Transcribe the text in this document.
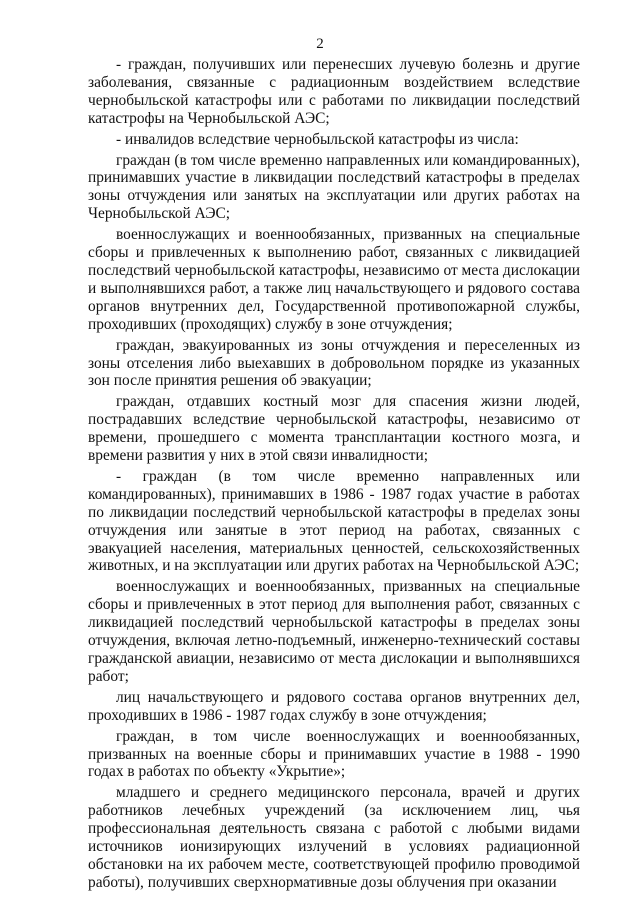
2

- граждан, получивших или перенесших лучевую болезнь и другие заболевания, связанные с радиационным воздействием вследствие чернобыльской катастрофы или с работами по ликвидации последствий катастрофы на Чернобыльской АЭС;

- инвалидов вследствие чернобыльской катастрофы из числа:

граждан (в том числе временно направленных или командированных), принимавших участие в ликвидации последствий катастрофы в пределах зоны отчуждения или занятых на эксплуатации или других работах на Чернобыльской АЭС;

военнослужащих и военнообязанных, призванных на специальные сборы и привлеченных к выполнению работ, связанных с ликвидацией последствий чернобыльской катастрофы, независимо от места дислокации и выполнявшихся работ, а также лиц начальствующего и рядового состава органов внутренних дел, Государственной противопожарной службы, проходивших (проходящих) службу в зоне отчуждения;

граждан, эвакуированных из зоны отчуждения и переселенных из зоны отселения либо выехавших в добровольном порядке из указанных зон после принятия решения об эвакуации;

граждан, отдавших костный мозг для спасения жизни людей, пострадавших вследствие чернобыльской катастрофы, независимо от времени, прошедшего с момента трансплантации костного мозга, и времени развития у них в этой связи инвалидности;

- граждан (в том числе временно направленных или командированных), принимавших в 1986 - 1987 годах участие в работах по ликвидации последствий чернобыльской катастрофы в пределах зоны отчуждения или занятые в этот период на работах, связанных с эвакуацией населения, материальных ценностей, сельскохозяйственных животных, и на эксплуатации или других работах на Чернобыльской АЭС;

военнослужащих и военнообязанных, призванных на специальные сборы и привлеченных в этот период для выполнения работ, связанных с ликвидацией последствий чернобыльской катастрофы в пределах зоны отчуждения, включая летно-подъемный, инженерно-технический составы гражданской авиации, независимо от места дислокации и выполнявшихся работ;

лиц начальствующего и рядового состава органов внутренних дел, проходивших в 1986 - 1987 годах службу в зоне отчуждения;

граждан, в том числе военнослужащих и военнообязанных, призванных на военные сборы и принимавших участие в 1988 - 1990 годах в работах по объекту «Укрытие»;

младшего и среднего медицинского персонала, врачей и других работников лечебных учреждений (за исключением лиц, чья профессиональная деятельность связана с работой с любыми видами источников ионизирующих излучений в условиях радиационной обстановки на их рабочем месте, соответствующей профилю проводимой работы), получивших сверхнормативные дозы облучения при оказании
